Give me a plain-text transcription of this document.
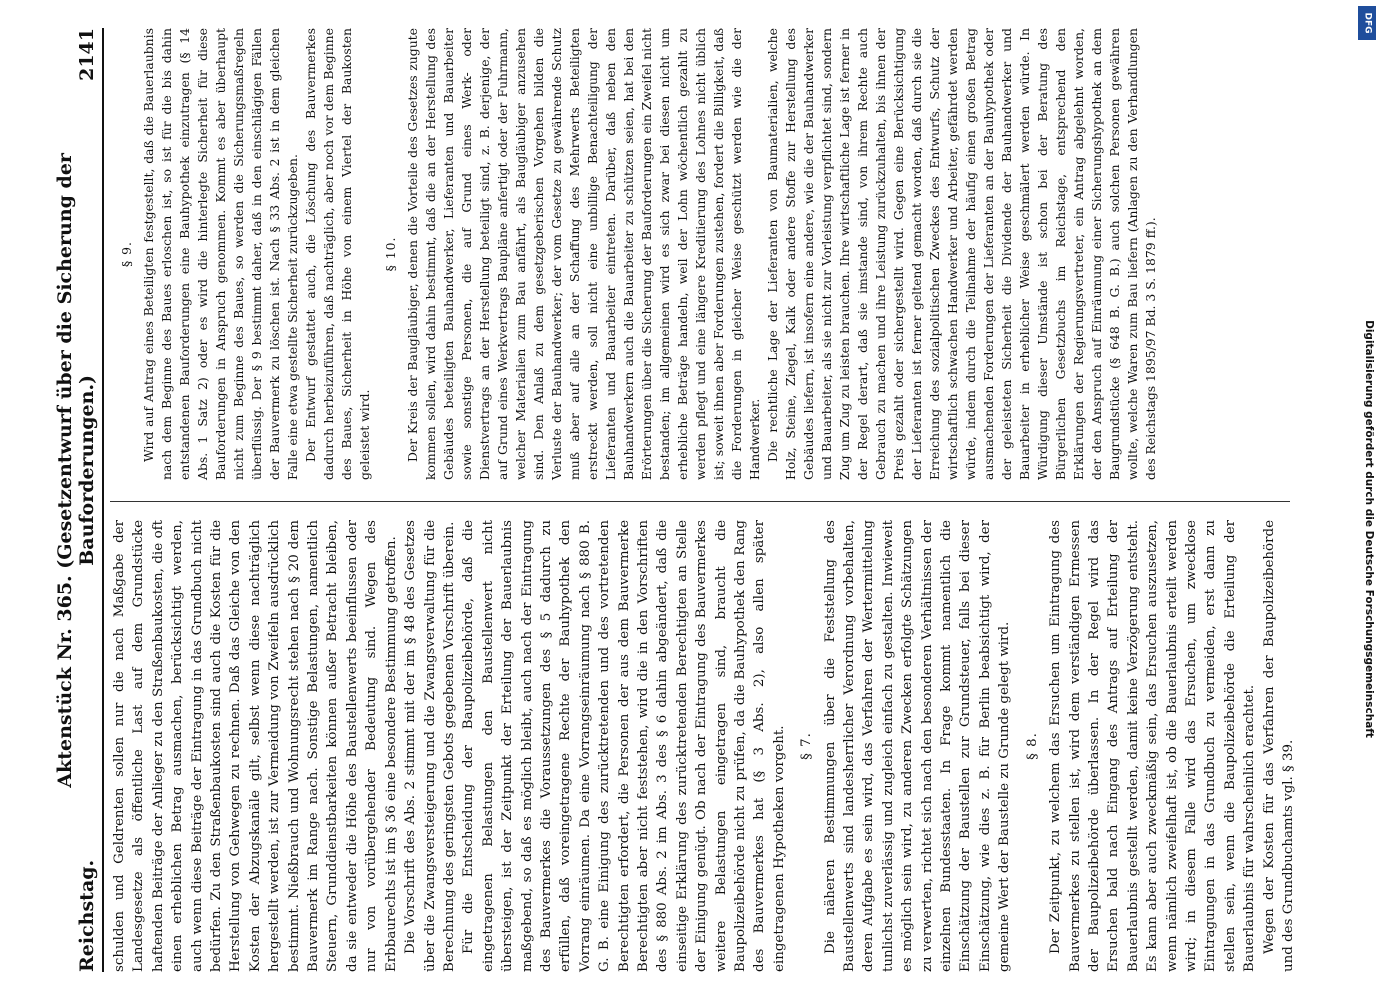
Reichstag.
Aktenstück Nr. 365. (Gesetzentwurf über die Sicherung der Bauforderungen.)
2141

schulden und Geldrenten sollen nur die nach Maßgabe der Landesgesetze als öffentliche Last auf dem Grundstücke haftenden Beiträge der Anlieger zu den Straßenbaukosten, die oft einen erheblichen Betrag ausmachen, berücksichtigt werden, auch wenn diese Beiträge der Eintragung in das Grundbuch nicht bedürfen. Zu den Straßenbaukosten sind auch die Kosten für die Herstellung von Gehwegen zu rechnen. Daß das Gleiche von den Kosten der Abzugskanäle gilt, selbst wenn diese nachträglich hergestellt werden, ist zur Vermeidung von Zweifeln ausdrücklich bestimmt. Nießbrauch und Wohnungsrecht stehen nach § 20 dem Bauvermerk im Range nach. Sonstige Belastungen, namentlich Steuern, Grunddienstbarkeiten können außer Betracht bleiben, da sie entweder die Höhe des Baustellenwerts beeinflussen oder nur von vorübergehender Bedeutung sind. Wegen des Erbbaurechts ist im § 36 eine besondere Bestimmung getroffen. Die Vorschrift des Abs. 2 stimmt mit der im § 48 des Gesetzes über die Zwangsversteigerung und die Zwangsverwaltung für die Berechnung des geringsten Gebots gegebenen Vorschrift überein. Für die Entscheidung der Baupolizeibehörde, daß die eingetragenen Belastungen den Baustellenwert nicht übersteigen, ist der Zeitpunkt der Erteilung der Bauerlaubnis maßgebend, so daß es möglich bleibt, auch nach der Eintragung des Bauvermerkes die Voraussetzungen des § 5 dadurch zu erfüllen, daß voreingetragene Rechte der Bauhypothek den Vorrang einräumen. Da eine Vorrangseinräumung nach § 880 B. G. B. eine Einigung des zurücktretenden und des vortretenden Berechtigten erfordert, die Personen der aus dem Bauvermerke Berechtigten aber nicht feststehen, wird die in den Vorschriften des § 880 Abs. 2 im Abs. 3 des § 6 dahin abgeändert, daß die einseitige Erklärung des zurücktretenden Berechtigten an Stelle der Einigung genügt. Ob nach der Eintragung des Bauvermerkes weitere Belastungen eingetragen sind, braucht die Baupolizeibehörde nicht zu prüfen, da die Bauhypothek den Rang des Bauvermerkes hat (§ 3 Abs. 2), also allen später eingetragenen Hypotheken vorgeht. § 7. Die näheren Bestimmungen über die Feststellung des Baustellenwerts sind landesherrlicher Verordnung vorbehalten, deren Aufgabe es sein wird, das Verfahren der Wertermittelung tunlichst zuverlässig und zugleich einfach zu gestalten. Inwieweit es möglich sein wird, zu anderen Zwecken erfolgte Schätzungen zu verwerten, richtet sich nach den besonderen Verhältnissen der einzelnen Bundesstaaten. In Frage kommt namentlich die Einschätzung der Baustellen zur Grundsteuer, falls bei dieser Einschätzung, wie dies z. B. für Berlin beabsichtigt wird, der gemeine Wert der Baustelle zu Grunde gelegt wird. § 8. Der Zeitpunkt, zu welchem das Ersuchen um Eintragung des Bauvermerkes zu stellen ist, wird dem verständigen Ermessen der Baupolizeibehörde überlassen. In der Regel wird das Ersuchen bald nach Eingang des Antrags auf Erteilung der Bauerlaubnis gestellt werden, damit keine Verzögerung entsteht. Es kann aber auch zweckmäßig sein, das Ersuchen auszusetzen, wenn nämlich zweifelhaft ist, ob die Bauerlaubnis erteilt werden wird; in diesem Falle wird das Ersuchen, um zwecklose Eintragungen in das Grundbuch zu vermeiden, erst dann zu stellen sein, wenn die Baupolizeibehörde die Erteilung der Bauerlaubnis für wahrscheinlich erachtet. Wegen der Kosten für das Verfahren der Baupolizeibehörde und des Grundbuchamts vgl. § 39.

§ 9. Wird auf Antrag eines Beteiligten festgestellt, daß die Bauerlaubnis nach dem Beginne des Baues erloschen ist, so ist für die bis dahin entstandenen Bauforderungen eine Bauhypothek einzutragen (§ 14 Abs. 1 Satz 2) oder es wird die hinterlegte Sicherheit für diese Bauforderungen in Anspruch genommen. Kommt es aber überhaupt nicht zum Beginne des Baues, so werden die Sicherungsmaßregeln überflüssig. Der § 9 bestimmt daher, daß in den einschlägigen Fällen der Bauvermerk zu löschen ist. Nach § 33 Abs. 2 ist in dem gleichen Falle eine etwa gestellte Sicherheit zurückzugeben. Der Entwurf gestattet auch, die Löschung des Bauvermerkes dadurch herbeizuführen, daß nachträglich, aber noch vor dem Beginne des Baues, Sicherheit in Höhe von einem Viertel der Baukosten geleistet wird.

§ 10. Der Kreis der Baugläubiger, denen die Vorteile des Gesetzes zugute kommen sollen, wird dahin bestimmt, daß die an der Herstellung des Gebäudes beteiligten Bauhandwerker, Lieferanten und Bauarbeiter sowie sonstige Personen, die auf Grund eines Werk- oder Dienstvertrags an der Herstellung beteiligt sind, z. B. derjenige, der auf Grund eines Werkvertrags Baupläne anfertigt oder der Fuhrmann, welcher Materialien zum Bau anfährt, als Baugläubiger anzusehen sind. Den Anlaß zu dem gesetzgeberischen Vorgehen bilden die Verluste der Bauhandwerker; der vom Gesetze zu gewährende Schutz muß aber auf alle an der Schaffung des Mehrwerts Beteiligten erstreckt werden, soll nicht eine unbillige Benachteiligung der Lieferanten und Bauarbeiter eintreten. Darüber, daß neben den Bauhandwerkern auch die Bauarbeiter zu schützen seien, hat bei den Erörterungen über die Sicherung der Bauforderungen ein Zweifel nicht bestanden; im allgemeinen wird es sich zwar bei diesen nicht um erhebliche Beträge handeln, weil der Lohn wöchentlich gezahlt zu werden pflegt und eine längere Kreditierung des Lohnes nicht üblich ist; soweit ihnen aber Forderungen zustehen, fordert die Billigkeit, daß die Forderungen in gleicher Weise geschützt werden wie die der Handwerker. Die rechtliche Lage der Lieferanten von Baumaterialien, welche Holz, Steine, Ziegel, Kalk oder andere Stoffe zur Herstellung des Gebäudes liefern, ist insofern eine andere, wie die der Bauhandwerker und Bauarbeiter, als sie nicht zur Vorleistung verpflichtet sind, sondern Zug um Zug zu leisten brauchen. Ihre wirtschaftliche Lage ist ferner in der Regel derart, daß sie imstande sind, von ihrem Rechte auch Gebrauch zu machen und ihre Leistung zurückzuhalten, bis ihnen der Preis gezahlt oder sichergestellt wird. Gegen eine Berücksichtigung der Lieferanten ist ferner geltend gemacht worden, daß durch sie die Erreichung des sozialpolitischen Zweckes des Entwurfs, Schutz der wirtschaftlich schwachen Handwerker und Arbeiter, gefährdet werden würde, indem durch die Teilnahme der häufig einen großen Betrag ausmachenden Forderungen der Lieferanten an der Bauhypothek oder der geleisteten Sicherheit die Dividende der Bauhandwerker und Bauarbeiter in erheblicher Weise geschmälert werden würde. In Würdigung dieser Umstände ist schon bei der Beratung des Bürgerlichen Gesetzbuchs im Reichstage, entsprechend den Erklärungen der Regierungsvertreter, ein Antrag abgelehnt worden, der den Anspruch auf Einräumung einer Sicherungshypothek an dem Baugrundstücke (§ 648 B. G. B.) auch solchen Personen gewähren wollte, welche Waren zum Bau liefern (Anlagen zu den Verhandlungen des Reichstags 1895/97 Bd. 3 S. 1879 ff.).

DFG
Digitalisierung gefördert durch die Deutsche Forschungsgemeinschaft
